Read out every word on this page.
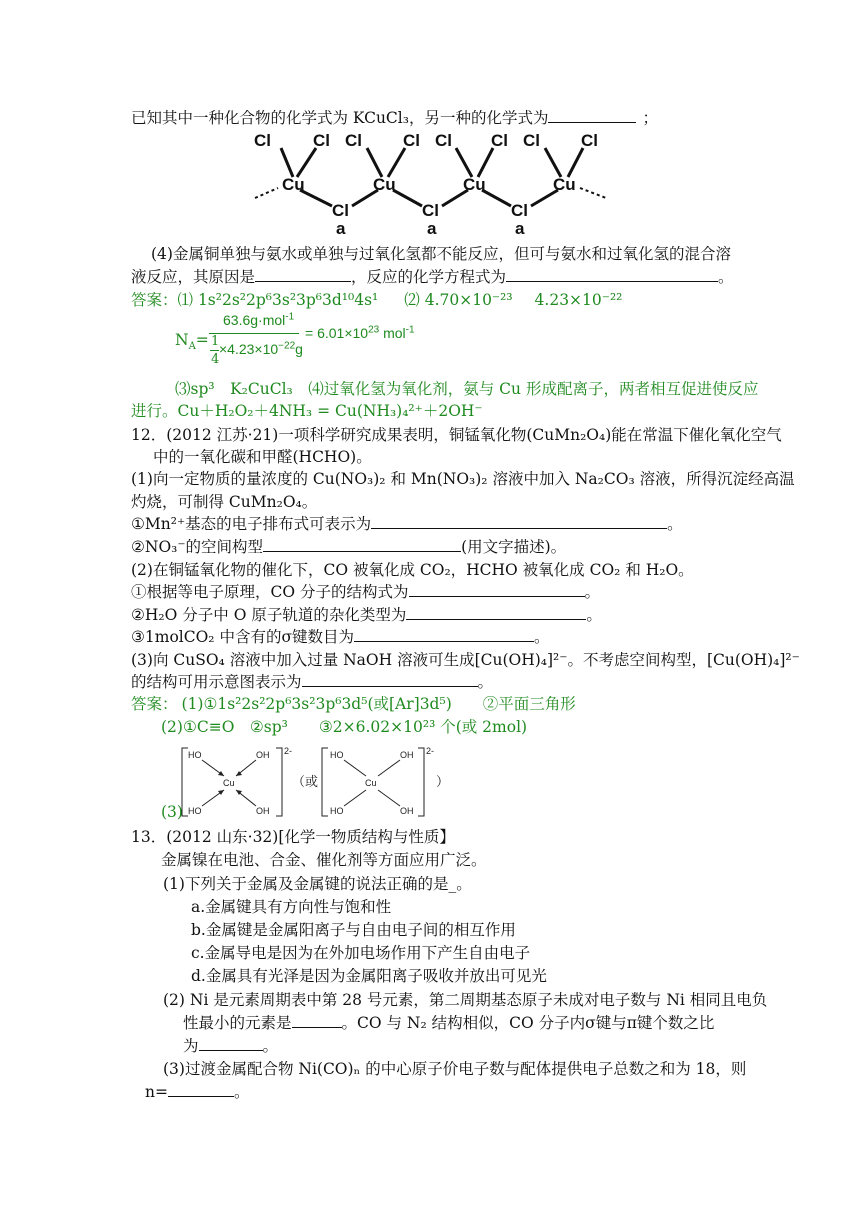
已知其中一种化合物的化学式为 KCuCl₃，另一种的化学式为	；
Cl Cl
Cu
Cl
a
Cl Cl
Cu
Cl
a
Cl Cl
Cu
Cl
a
Cl Cl
Cu
(4)金属铜单独与氨水或单独与过氧化氢都不能反应，但可与氨水和过氧化氢的混合溶
液反应，其原因是	，反应的化学方程式为	。
答案：⑴ 1s²2s²2p⁶3s²3p⁶3d¹⁰4s¹ ⑵ 4.70×10⁻²³ 4.23×10⁻²²
$N_A=$
63.6g·mol$^{-1}$
1
4
$\times 4.23\times 10^{-22}g$
= $6.01\times 10^{23}$ mol$^{-1}$
⑶sp³　K₂CuCl₃　⑷过氧化氢为氧化剂，氨与 Cu 形成配离子，两者相互促进使反应
进行。Cu＋H₂O₂＋4NH₃ = Cu(NH₃)₄²⁺＋2OH⁻
12．(2012 江苏·21)一项科学研究成果表明，铜锰氧化物(CuMn₂O₄)能在常温下催化氧化空气
中的一氧化碳和甲醛(HCHO)。
(1)向一定物质的量浓度的 Cu(NO₃)₂ 和 Mn(NO₃)₂ 溶液中加入 Na₂CO₃ 溶液，所得沉淀经高温
灼烧，可制得 CuMn₂O₄。
①Mn²⁺基态的电子排布式可表示为	。
②NO₃⁻的空间构型	(用文字描述)。
(2)在铜锰氧化物的催化下，CO 被氧化成 CO₂，HCHO 被氧化成 CO₂ 和 H₂O。
①根据等电子原理，CO 分子的结构式为	。
②H₂O 分子中 O 原子轨道的杂化类型为	。
③1molCO₂ 中含有的σ键数目为	。
(3)向 CuSO₄ 溶液中加入过量 NaOH 溶液可生成[Cu(OH)₄]²⁻。不考虑空间构型，[Cu(OH)₄]²⁻
的结构可用示意图表示为	。
答案： (1)①1s²2s²2p⁶3s²3p⁶3d⁵(或[Ar]3d⁵)　　②平面三角形
(2)①C≡O　②sp³　　③2×6.02×10²³ 个(或 2mol)
(3)
HO	OH
Cu
HO	OH
2-
（或
HO	OH
Cu
HO	OH
2-
）
13．(2012 山东·32)[化学一物质结构与性质】
金属镍在电池、合金、催化剂等方面应用广泛。
(1)下列关于金属及金属键的说法正确的是_。
a.金属键具有方向性与饱和性
b.金属键是金属阳离子与自由电子间的相互作用
c.金属导电是因为在外加电场作用下产生自由电子
d.金属具有光泽是因为金属阳离子吸收并放出可见光
(2) Ni 是元素周期表中第 28 号元素，第二周期基态原子未成对电子数与 Ni 相同且电负
性最小的元素是	。CO 与 N₂ 结构相似，CO 分子内σ键与π键个数之比
为	。
(3)过渡金属配合物 Ni(CO)ₙ 的中心原子价电子数与配体提供电子总数之和为 18，则
n=	。
